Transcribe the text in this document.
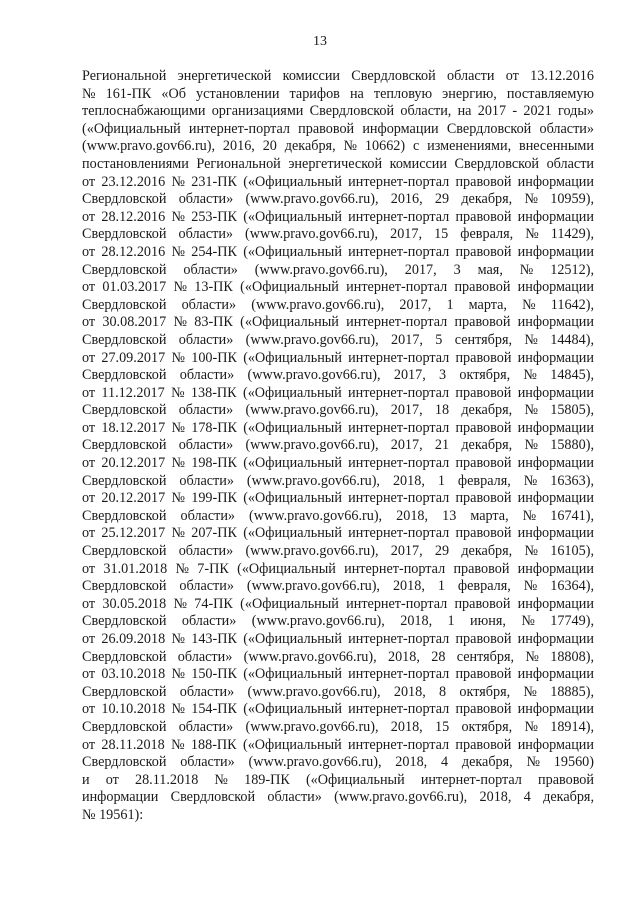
13
Региональной энергетической комиссии Свердловской области от 13.12.2016
№ 161-ПК «Об установлении тарифов на тепловую энергию, поставляемую
теплоснабжающими организациями Свердловской области, на 2017 - 2021 годы»
(«Официальный интернет-портал правовой информации Свердловской области»
(www.pravo.gov66.ru), 2016, 20 декабря, № 10662) с изменениями, внесенными
постановлениями Региональной энергетической комиссии Свердловской области
от 23.12.2016 № 231-ПК («Официальный интернет-портал правовой информации
Свердловской области» (www.pravo.gov66.ru), 2016, 29 декабря, № 10959),
от 28.12.2016 № 253-ПК («Официальный интернет-портал правовой информации
Свердловской области» (www.pravo.gov66.ru), 2017, 15 февраля, № 11429),
от 28.12.2016 № 254-ПК («Официальный интернет-портал правовой информации
Свердловской области» (www.pravo.gov66.ru), 2017, 3 мая, № 12512),
от 01.03.2017 № 13-ПК («Официальный интернет-портал правовой информации
Свердловской области» (www.pravo.gov66.ru), 2017, 1 марта, № 11642),
от 30.08.2017 № 83-ПК («Официальный интернет-портал правовой информации
Свердловской области» (www.pravo.gov66.ru), 2017, 5 сентября, № 14484),
от 27.09.2017 № 100-ПК («Официальный интернет-портал правовой информации
Свердловской области» (www.pravo.gov66.ru), 2017, 3 октября, № 14845),
от 11.12.2017 № 138-ПК («Официальный интернет-портал правовой информации
Свердловской области» (www.pravo.gov66.ru), 2017, 18 декабря, № 15805),
от 18.12.2017 № 178-ПК («Официальный интернет-портал правовой информации
Свердловской области» (www.pravo.gov66.ru), 2017, 21 декабря, № 15880),
от 20.12.2017 № 198-ПК («Официальный интернет-портал правовой информации
Свердловской области» (www.pravo.gov66.ru), 2018, 1 февраля, № 16363),
от 20.12.2017 № 199-ПК («Официальный интернет-портал правовой информации
Свердловской области» (www.pravo.gov66.ru), 2018, 13 марта, № 16741),
от 25.12.2017 № 207-ПК («Официальный интернет-портал правовой информации
Свердловской области» (www.pravo.gov66.ru), 2017, 29 декабря, № 16105),
от 31.01.2018 № 7-ПК («Официальный интернет-портал правовой информации
Свердловской области» (www.pravo.gov66.ru), 2018, 1 февраля, № 16364),
от 30.05.2018 № 74-ПК («Официальный интернет-портал правовой информации
Свердловской области» (www.pravo.gov66.ru), 2018, 1 июня, № 17749),
от 26.09.2018 № 143-ПК («Официальный интернет-портал правовой информации
Свердловской области» (www.pravo.gov66.ru), 2018, 28 сентября, № 18808),
от 03.10.2018 № 150-ПК («Официальный интернет-портал правовой информации
Свердловской области» (www.pravo.gov66.ru), 2018, 8 октября, № 18885),
от 10.10.2018 № 154-ПК («Официальный интернет-портал правовой информации
Свердловской области» (www.pravo.gov66.ru), 2018, 15 октября, № 18914),
от 28.11.2018 № 188-ПК («Официальный интернет-портал правовой информации
Свердловской области» (www.pravo.gov66.ru), 2018, 4 декабря, № 19560)
и от 28.11.2018 № 189-ПК («Официальный интернет-портал правовой
информации Свердловской области» (www.pravo.gov66.ru), 2018, 4 декабря,
№ 19561):
